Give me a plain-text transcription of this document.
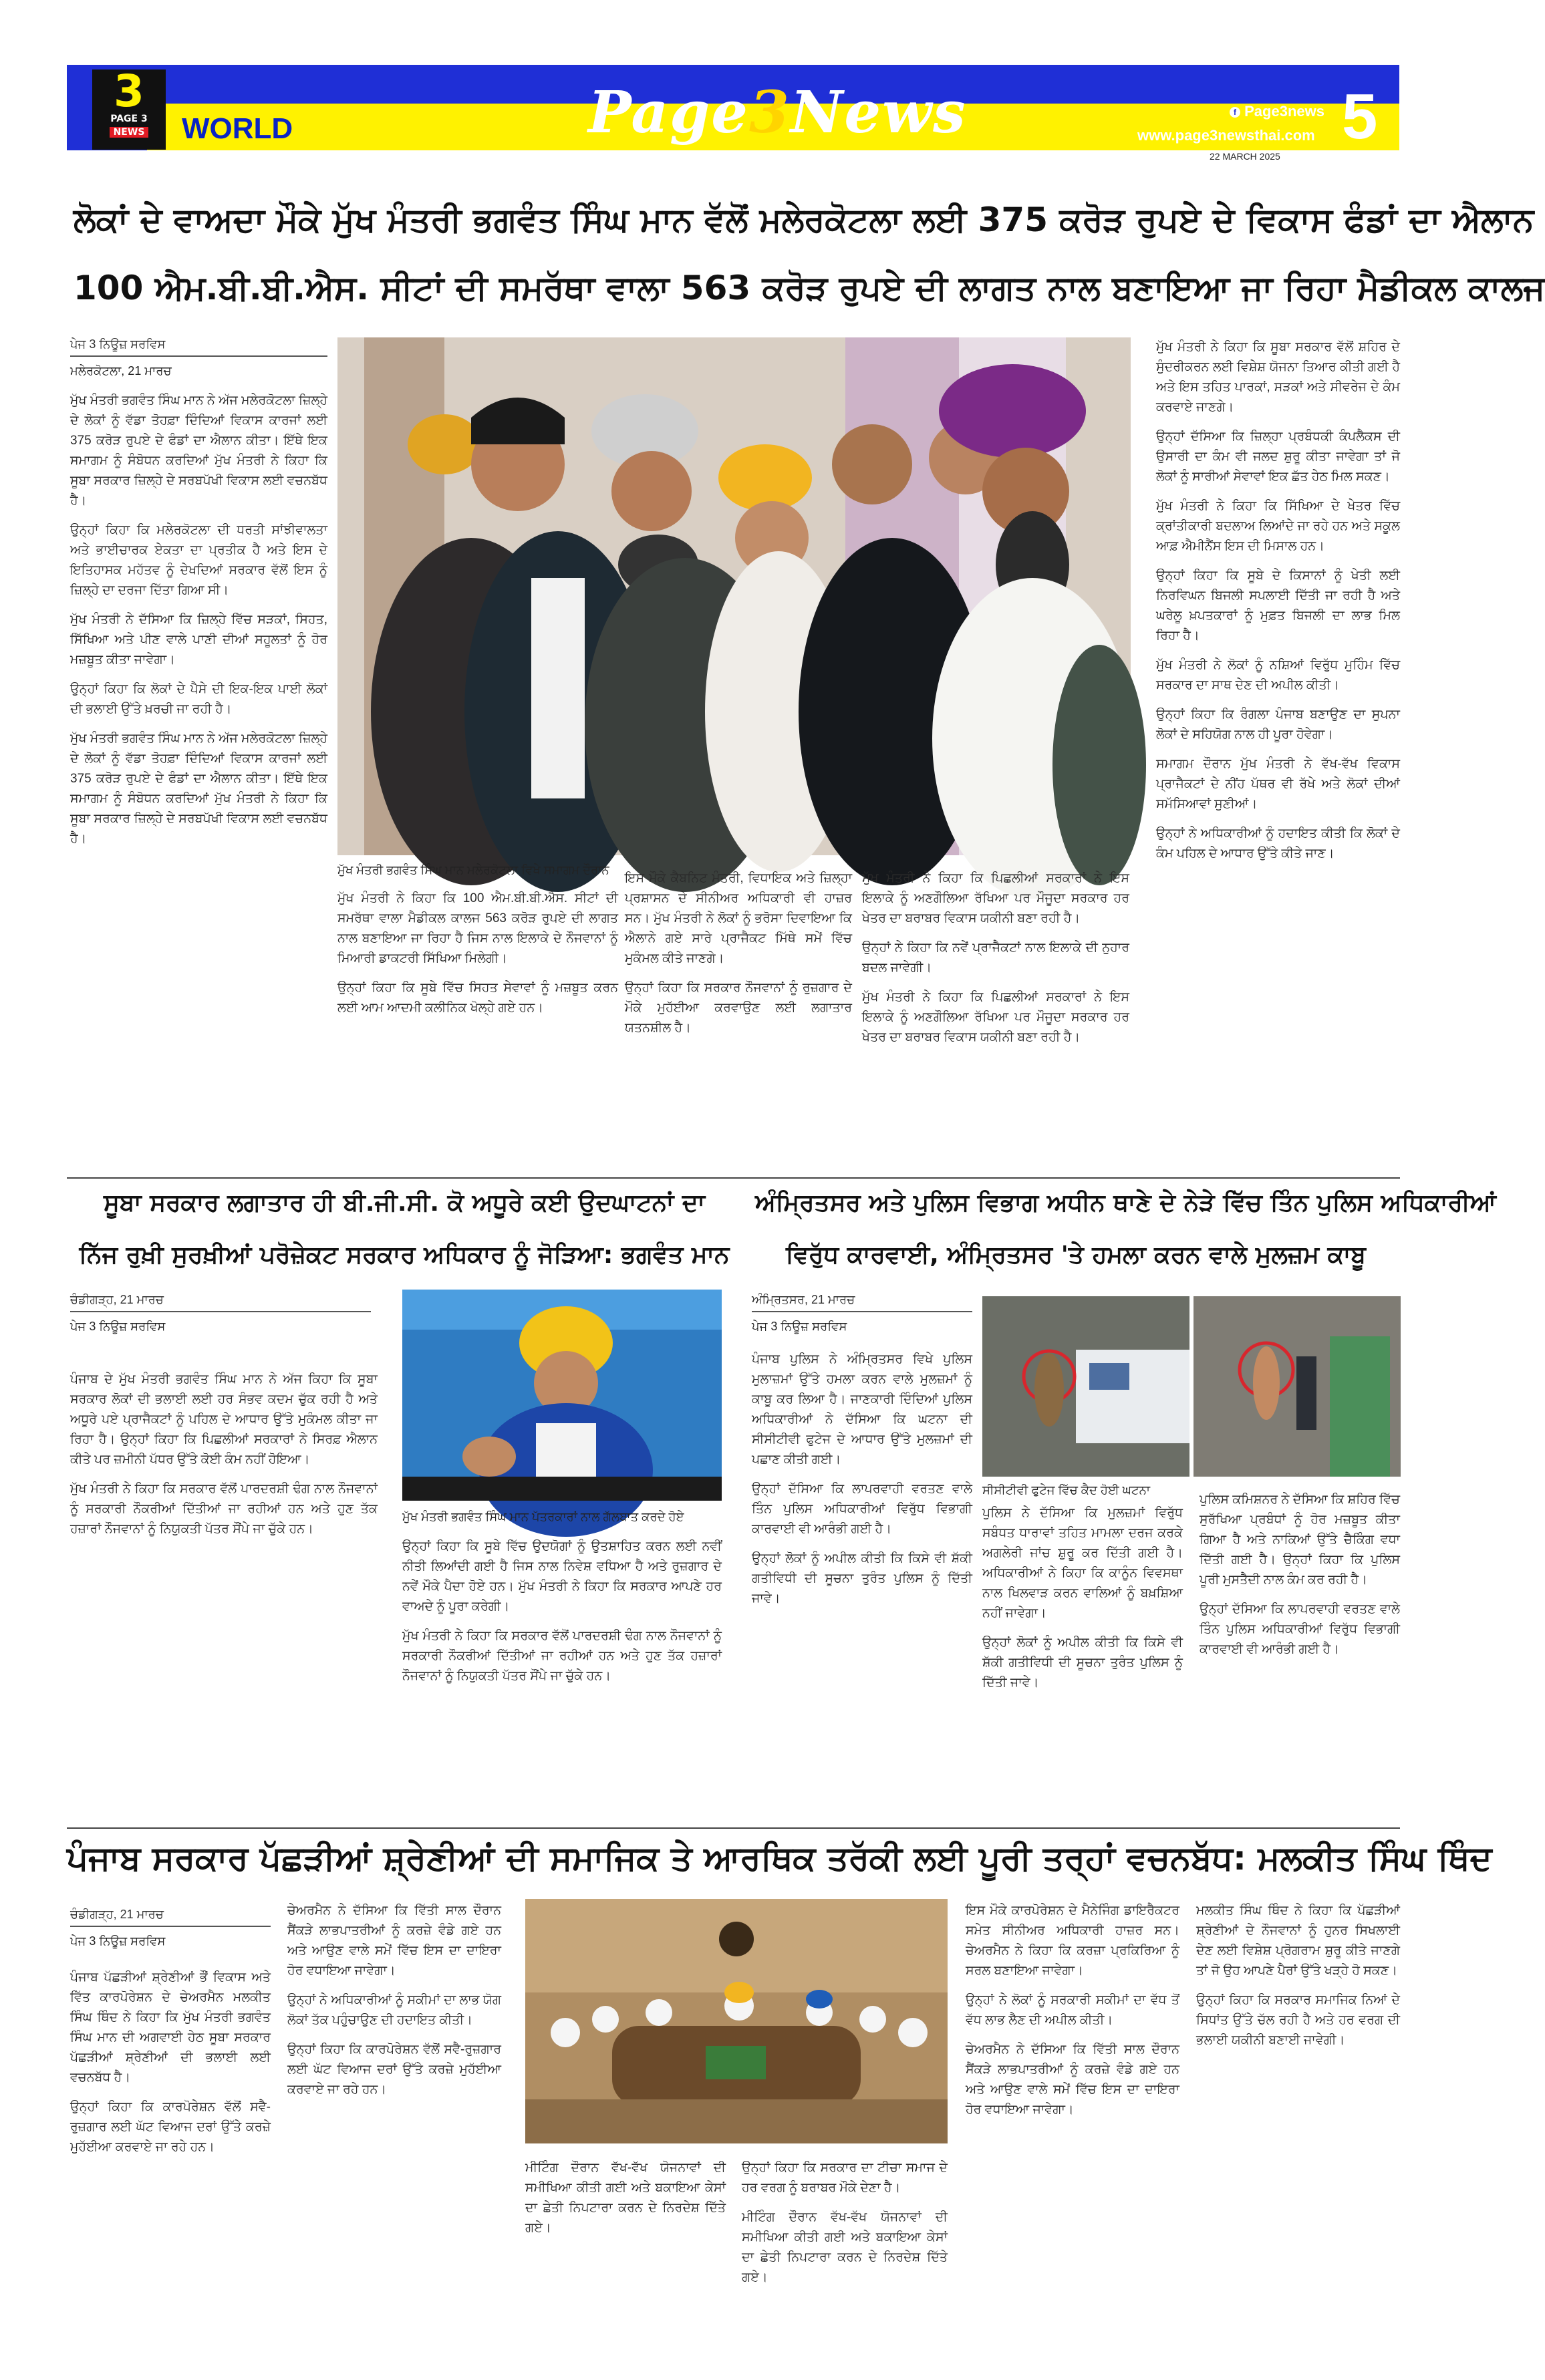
3
PAGE 3
NEWS	WORLD	Page3News	f Page3news
www.page3newsthai.com
22 MARCH 2025
5
ਲੋਕਾਂ ਦੇ ਵਾਅਦਾ ਮੌਕੇ ਮੁੱਖ ਮੰਤਰੀ ਭਗਵੰਤ ਸਿੰਘ ਮਾਨ ਵੱਲੋਂ ਮਲੇਰਕੋਟਲਾ ਲਈ 375 ਕਰੋੜ ਰੁਪਏ ਦੇ ਵਿਕਾਸ ਫੰਡਾਂ ਦਾ ਐਲਾਨ
100 ਐਮ.ਬੀ.ਬੀ.ਐਸ. ਸੀਟਾਂ ਦੀ ਸਮਰੱਥਾ ਵਾਲਾ 563 ਕਰੋੜ ਰੁਪਏ ਦੀ ਲਾਗਤ ਨਾਲ ਬਣਾਇਆ ਜਾ ਰਿਹਾ ਮੈਡੀਕਲ ਕਾਲਜ
ਪੇਜ 3 ਨਿਊਜ਼ ਸਰਵਿਸ
ਮਲੇਰਕੋਟਲਾ, 21 ਮਾਰਚ

ਮੁੱਖ ਮੰਤਰੀ ਭਗਵੰਤ ਸਿੰਘ ਮਾਨ ਨੇ ਅੱਜ ਮਲੇਰਕੋਟਲਾ ਜ਼ਿਲ੍ਹੇ ਦੇ ਲੋਕਾਂ ਨੂੰ ਵੱਡਾ ਤੋਹਫ਼ਾ ਦਿੰਦਿਆਂ ਵਿਕਾਸ ਕਾਰਜਾਂ ਲਈ 375 ਕਰੋੜ ਰੁਪਏ ਦੇ ਫੰਡਾਂ ਦਾ ਐਲਾਨ ਕੀਤਾ। ਇੱਥੇ ਇਕ ਸਮਾਗਮ ਨੂੰ ਸੰਬੋਧਨ ਕਰਦਿਆਂ ਮੁੱਖ ਮੰਤਰੀ ਨੇ ਕਿਹਾ ਕਿ ਸੂਬਾ ਸਰਕਾਰ ਜ਼ਿਲ੍ਹੇ ਦੇ ਸਰਬਪੱਖੀ ਵਿਕਾਸ ਲਈ ਵਚਨਬੱਧ ਹੈ।

ਉਨ੍ਹਾਂ ਕਿਹਾ ਕਿ ਮਲੇਰਕੋਟਲਾ ਦੀ ਧਰਤੀ ਸਾਂਝੀਵਾਲਤਾ ਅਤੇ ਭਾਈਚਾਰਕ ਏਕਤਾ ਦਾ ਪ੍ਰਤੀਕ ਹੈ ਅਤੇ ਇਸ ਦੇ ਇਤਿਹਾਸਕ ਮਹੱਤਵ ਨੂੰ ਦੇਖਦਿਆਂ ਸਰਕਾਰ ਵੱਲੋਂ ਇਸ ਨੂੰ ਜ਼ਿਲ੍ਹੇ ਦਾ ਦਰਜਾ ਦਿੱਤਾ ਗਿਆ ਸੀ।

ਮੁੱਖ ਮੰਤਰੀ ਨੇ ਦੱਸਿਆ ਕਿ ਜ਼ਿਲ੍ਹੇ ਵਿੱਚ ਸੜਕਾਂ, ਸਿਹਤ, ਸਿੱਖਿਆ ਅਤੇ ਪੀਣ ਵਾਲੇ ਪਾਣੀ ਦੀਆਂ ਸਹੂਲਤਾਂ ਨੂੰ ਹੋਰ ਮਜ਼ਬੂਤ ਕੀਤਾ ਜਾਵੇਗਾ।

ਉਨ੍ਹਾਂ ਕਿਹਾ ਕਿ ਲੋਕਾਂ ਦੇ ਪੈਸੇ ਦੀ ਇਕ-ਇਕ ਪਾਈ ਲੋਕਾਂ ਦੀ ਭਲਾਈ ਉੱਤੇ ਖ਼ਰਚੀ ਜਾ ਰਹੀ ਹੈ।

ਮੁੱਖ ਮੰਤਰੀ ਭਗਵੰਤ ਸਿੰਘ ਮਾਨ ਨੇ ਅੱਜ ਮਲੇਰਕੋਟਲਾ ਜ਼ਿਲ੍ਹੇ ਦੇ ਲੋਕਾਂ ਨੂੰ ਵੱਡਾ ਤੋਹਫ਼ਾ ਦਿੰਦਿਆਂ ਵਿਕਾਸ ਕਾਰਜਾਂ ਲਈ 375 ਕਰੋੜ ਰੁਪਏ ਦੇ ਫੰਡਾਂ ਦਾ ਐਲਾਨ ਕੀਤਾ। ਇੱਥੇ ਇਕ ਸਮਾਗਮ ਨੂੰ ਸੰਬੋਧਨ ਕਰਦਿਆਂ ਮੁੱਖ ਮੰਤਰੀ ਨੇ ਕਿਹਾ ਕਿ ਸੂਬਾ ਸਰਕਾਰ ਜ਼ਿਲ੍ਹੇ ਦੇ ਸਰਬਪੱਖੀ ਵਿਕਾਸ ਲਈ ਵਚਨਬੱਧ ਹੈ।

ਮੁੱਖ ਮੰਤਰੀ ਭਗਵੰਤ ਸਿੰਘ ਮਾਨ ਮਲੇਰਕੋਟਲਾ ਵਿਖੇ ਸਮਾਗਮ ਦੌਰਾਨ

ਮੁੱਖ ਮੰਤਰੀ ਨੇ ਕਿਹਾ ਕਿ 100 ਐਮ.ਬੀ.ਬੀ.ਐਸ. ਸੀਟਾਂ ਦੀ ਸਮਰੱਥਾ ਵਾਲਾ ਮੈਡੀਕਲ ਕਾਲਜ 563 ਕਰੋੜ ਰੁਪਏ ਦੀ ਲਾਗਤ ਨਾਲ ਬਣਾਇਆ ਜਾ ਰਿਹਾ ਹੈ ਜਿਸ ਨਾਲ ਇਲਾਕੇ ਦੇ ਨੌਜਵਾਨਾਂ ਨੂੰ ਮਿਆਰੀ ਡਾਕਟਰੀ ਸਿੱਖਿਆ ਮਿਲੇਗੀ।

ਉਨ੍ਹਾਂ ਕਿਹਾ ਕਿ ਸੂਬੇ ਵਿੱਚ ਸਿਹਤ ਸੇਵਾਵਾਂ ਨੂੰ ਮਜ਼ਬੂਤ ਕਰਨ ਲਈ ਆਮ ਆਦਮੀ ਕਲੀਨਿਕ ਖੋਲ੍ਹੇ ਗਏ ਹਨ।

ਇਸ ਮੌਕੇ ਕੈਬਨਿਟ ਮੰਤਰੀ, ਵਿਧਾਇਕ ਅਤੇ ਜ਼ਿਲ੍ਹਾ ਪ੍ਰਸ਼ਾਸਨ ਦੇ ਸੀਨੀਅਰ ਅਧਿਕਾਰੀ ਵੀ ਹਾਜ਼ਰ ਸਨ। ਮੁੱਖ ਮੰਤਰੀ ਨੇ ਲੋਕਾਂ ਨੂੰ ਭਰੋਸਾ ਦਿਵਾਇਆ ਕਿ ਐਲਾਨੇ ਗਏ ਸਾਰੇ ਪ੍ਰਾਜੈਕਟ ਮਿੱਥੇ ਸਮੇਂ ਵਿੱਚ ਮੁਕੰਮਲ ਕੀਤੇ ਜਾਣਗੇ।

ਉਨ੍ਹਾਂ ਕਿਹਾ ਕਿ ਸਰਕਾਰ ਨੌਜਵਾਨਾਂ ਨੂੰ ਰੁਜ਼ਗਾਰ ਦੇ ਮੌਕੇ ਮੁਹੱਈਆ ਕਰਵਾਉਣ ਲਈ ਲਗਾਤਾਰ ਯਤਨਸ਼ੀਲ ਹੈ।

ਮੁੱਖ ਮੰਤਰੀ ਨੇ ਕਿਹਾ ਕਿ ਪਿਛਲੀਆਂ ਸਰਕਾਰਾਂ ਨੇ ਇਸ ਇਲਾਕੇ ਨੂੰ ਅਣਗੌਲਿਆ ਰੱਖਿਆ ਪਰ ਮੌਜੂਦਾ ਸਰਕਾਰ ਹਰ ਖੇਤਰ ਦਾ ਬਰਾਬਰ ਵਿਕਾਸ ਯਕੀਨੀ ਬਣਾ ਰਹੀ ਹੈ।

ਉਨ੍ਹਾਂ ਨੇ ਕਿਹਾ ਕਿ ਨਵੇਂ ਪ੍ਰਾਜੈਕਟਾਂ ਨਾਲ ਇਲਾਕੇ ਦੀ ਨੁਹਾਰ ਬਦਲ ਜਾਵੇਗੀ।

ਮੁੱਖ ਮੰਤਰੀ ਨੇ ਕਿਹਾ ਕਿ ਪਿਛਲੀਆਂ ਸਰਕਾਰਾਂ ਨੇ ਇਸ ਇਲਾਕੇ ਨੂੰ ਅਣਗੌਲਿਆ ਰੱਖਿਆ ਪਰ ਮੌਜੂਦਾ ਸਰਕਾਰ ਹਰ ਖੇਤਰ ਦਾ ਬਰਾਬਰ ਵਿਕਾਸ ਯਕੀਨੀ ਬਣਾ ਰਹੀ ਹੈ।

ਮੁੱਖ ਮੰਤਰੀ ਨੇ ਕਿਹਾ ਕਿ ਸੂਬਾ ਸਰਕਾਰ ਵੱਲੋਂ ਸ਼ਹਿਰ ਦੇ ਸੁੰਦਰੀਕਰਨ ਲਈ ਵਿਸ਼ੇਸ਼ ਯੋਜਨਾ ਤਿਆਰ ਕੀਤੀ ਗਈ ਹੈ ਅਤੇ ਇਸ ਤਹਿਤ ਪਾਰਕਾਂ, ਸੜਕਾਂ ਅਤੇ ਸੀਵਰੇਜ ਦੇ ਕੰਮ ਕਰਵਾਏ ਜਾਣਗੇ।

ਉਨ੍ਹਾਂ ਦੱਸਿਆ ਕਿ ਜ਼ਿਲ੍ਹਾ ਪ੍ਰਬੰਧਕੀ ਕੰਪਲੈਕਸ ਦੀ ਉਸਾਰੀ ਦਾ ਕੰਮ ਵੀ ਜਲਦ ਸ਼ੁਰੂ ਕੀਤਾ ਜਾਵੇਗਾ ਤਾਂ ਜੋ ਲੋਕਾਂ ਨੂੰ ਸਾਰੀਆਂ ਸੇਵਾਵਾਂ ਇਕ ਛੱਤ ਹੇਠ ਮਿਲ ਸਕਣ।

ਮੁੱਖ ਮੰਤਰੀ ਨੇ ਕਿਹਾ ਕਿ ਸਿੱਖਿਆ ਦੇ ਖੇਤਰ ਵਿੱਚ ਕ੍ਰਾਂਤੀਕਾਰੀ ਬਦਲਾਅ ਲਿਆਂਦੇ ਜਾ ਰਹੇ ਹਨ ਅਤੇ ਸਕੂਲ ਆਫ਼ ਐਮੀਨੈਂਸ ਇਸ ਦੀ ਮਿਸਾਲ ਹਨ।

ਉਨ੍ਹਾਂ ਕਿਹਾ ਕਿ ਸੂਬੇ ਦੇ ਕਿਸਾਨਾਂ ਨੂੰ ਖੇਤੀ ਲਈ ਨਿਰਵਿਘਨ ਬਿਜਲੀ ਸਪਲਾਈ ਦਿੱਤੀ ਜਾ ਰਹੀ ਹੈ ਅਤੇ ਘਰੇਲੂ ਖ਼ਪਤਕਾਰਾਂ ਨੂੰ ਮੁਫ਼ਤ ਬਿਜਲੀ ਦਾ ਲਾਭ ਮਿਲ ਰਿਹਾ ਹੈ।

ਮੁੱਖ ਮੰਤਰੀ ਨੇ ਲੋਕਾਂ ਨੂੰ ਨਸ਼ਿਆਂ ਵਿਰੁੱਧ ਮੁਹਿੰਮ ਵਿੱਚ ਸਰਕਾਰ ਦਾ ਸਾਥ ਦੇਣ ਦੀ ਅਪੀਲ ਕੀਤੀ।

ਉਨ੍ਹਾਂ ਕਿਹਾ ਕਿ ਰੰਗਲਾ ਪੰਜਾਬ ਬਣਾਉਣ ਦਾ ਸੁਪਨਾ ਲੋਕਾਂ ਦੇ ਸਹਿਯੋਗ ਨਾਲ ਹੀ ਪੂਰਾ ਹੋਵੇਗਾ।

ਸਮਾਗਮ ਦੌਰਾਨ ਮੁੱਖ ਮੰਤਰੀ ਨੇ ਵੱਖ-ਵੱਖ ਵਿਕਾਸ ਪ੍ਰਾਜੈਕਟਾਂ ਦੇ ਨੀਂਹ ਪੱਥਰ ਵੀ ਰੱਖੇ ਅਤੇ ਲੋਕਾਂ ਦੀਆਂ ਸਮੱਸਿਆਵਾਂ ਸੁਣੀਆਂ।

ਉਨ੍ਹਾਂ ਨੇ ਅਧਿਕਾਰੀਆਂ ਨੂੰ ਹਦਾਇਤ ਕੀਤੀ ਕਿ ਲੋਕਾਂ ਦੇ ਕੰਮ ਪਹਿਲ ਦੇ ਆਧਾਰ ਉੱਤੇ ਕੀਤੇ ਜਾਣ।

ਸੂਬਾ ਸਰਕਾਰ ਲਗਾਤਾਰ ਹੀ ਬੀ.ਜੀ.ਸੀ. ਕੋ ਅਧੂਰੇ ਕਈ ਉਦਘਾਟਨਾਂ ਦਾ
ਨਿੱਜ ਰੁਖ਼ੀ ਸੁਰਖ਼ੀਆਂ ਪਰੋਜ਼ੇਕਟ ਸਰਕਾਰ ਅਧਿਕਾਰ ਨੂੰ ਜੋੜਿਆ: ਭਗਵੰਤ ਮਾਨ
ਚੰਡੀਗੜ੍ਹ, 21 ਮਾਰਚ
ਪੇਜ 3 ਨਿਊਜ਼ ਸਰਵਿਸ

ਪੰਜਾਬ ਦੇ ਮੁੱਖ ਮੰਤਰੀ ਭਗਵੰਤ ਸਿੰਘ ਮਾਨ ਨੇ ਅੱਜ ਕਿਹਾ ਕਿ ਸੂਬਾ ਸਰਕਾਰ ਲੋਕਾਂ ਦੀ ਭਲਾਈ ਲਈ ਹਰ ਸੰਭਵ ਕਦਮ ਚੁੱਕ ਰਹੀ ਹੈ ਅਤੇ ਅਧੂਰੇ ਪਏ ਪ੍ਰਾਜੈਕਟਾਂ ਨੂੰ ਪਹਿਲ ਦੇ ਆਧਾਰ ਉੱਤੇ ਮੁਕੰਮਲ ਕੀਤਾ ਜਾ ਰਿਹਾ ਹੈ। ਉਨ੍ਹਾਂ ਕਿਹਾ ਕਿ ਪਿਛਲੀਆਂ ਸਰਕਾਰਾਂ ਨੇ ਸਿਰਫ਼ ਐਲਾਨ ਕੀਤੇ ਪਰ ਜ਼ਮੀਨੀ ਪੱਧਰ ਉੱਤੇ ਕੋਈ ਕੰਮ ਨਹੀਂ ਹੋਇਆ।

ਮੁੱਖ ਮੰਤਰੀ ਨੇ ਕਿਹਾ ਕਿ ਸਰਕਾਰ ਵੱਲੋਂ ਪਾਰਦਰਸ਼ੀ ਢੰਗ ਨਾਲ ਨੌਜਵਾਨਾਂ ਨੂੰ ਸਰਕਾਰੀ ਨੌਕਰੀਆਂ ਦਿੱਤੀਆਂ ਜਾ ਰਹੀਆਂ ਹਨ ਅਤੇ ਹੁਣ ਤੱਕ ਹਜ਼ਾਰਾਂ ਨੌਜਵਾਨਾਂ ਨੂੰ ਨਿਯੁਕਤੀ ਪੱਤਰ ਸੌਂਪੇ ਜਾ ਚੁੱਕੇ ਹਨ।

ਮੁੱਖ ਮੰਤਰੀ ਭਗਵੰਤ ਸਿੰਘ ਮਾਨ ਪੱਤਰਕਾਰਾਂ ਨਾਲ ਗੱਲਬਾਤ ਕਰਦੇ ਹੋਏ

ਉਨ੍ਹਾਂ ਕਿਹਾ ਕਿ ਸੂਬੇ ਵਿੱਚ ਉਦਯੋਗਾਂ ਨੂੰ ਉਤਸ਼ਾਹਿਤ ਕਰਨ ਲਈ ਨਵੀਂ ਨੀਤੀ ਲਿਆਂਦੀ ਗਈ ਹੈ ਜਿਸ ਨਾਲ ਨਿਵੇਸ਼ ਵਧਿਆ ਹੈ ਅਤੇ ਰੁਜ਼ਗਾਰ ਦੇ ਨਵੇਂ ਮੌਕੇ ਪੈਦਾ ਹੋਏ ਹਨ। ਮੁੱਖ ਮੰਤਰੀ ਨੇ ਕਿਹਾ ਕਿ ਸਰਕਾਰ ਆਪਣੇ ਹਰ ਵਾਅਦੇ ਨੂੰ ਪੂਰਾ ਕਰੇਗੀ।

ਮੁੱਖ ਮੰਤਰੀ ਨੇ ਕਿਹਾ ਕਿ ਸਰਕਾਰ ਵੱਲੋਂ ਪਾਰਦਰਸ਼ੀ ਢੰਗ ਨਾਲ ਨੌਜਵਾਨਾਂ ਨੂੰ ਸਰਕਾਰੀ ਨੌਕਰੀਆਂ ਦਿੱਤੀਆਂ ਜਾ ਰਹੀਆਂ ਹਨ ਅਤੇ ਹੁਣ ਤੱਕ ਹਜ਼ਾਰਾਂ ਨੌਜਵਾਨਾਂ ਨੂੰ ਨਿਯੁਕਤੀ ਪੱਤਰ ਸੌਂਪੇ ਜਾ ਚੁੱਕੇ ਹਨ।

ਅੰਮ੍ਰਿਤਸਰ ਅਤੇ ਪੁਲਿਸ ਵਿਭਾਗ ਅਧੀਨ ਥਾਣੇ ਦੇ ਨੇੜੇ ਵਿੱਚ ਤਿੰਨ ਪੁਲਿਸ ਅਧਿਕਾਰੀਆਂ
ਵਿਰੁੱਧ ਕਾਰਵਾਈ, ਅੰਮ੍ਰਿਤਸਰ 'ਤੇ ਹਮਲਾ ਕਰਨ ਵਾਲੇ ਮੁਲਜ਼ਮ ਕਾਬੂ
ਅੰਮ੍ਰਿਤਸਰ, 21 ਮਾਰਚ
ਪੇਜ 3 ਨਿਊਜ਼ ਸਰਵਿਸ

ਪੰਜਾਬ ਪੁਲਿਸ ਨੇ ਅੰਮ੍ਰਿਤਸਰ ਵਿਖੇ ਪੁਲਿਸ ਮੁਲਾਜ਼ਮਾਂ ਉੱਤੇ ਹਮਲਾ ਕਰਨ ਵਾਲੇ ਮੁਲਜ਼ਮਾਂ ਨੂੰ ਕਾਬੂ ਕਰ ਲਿਆ ਹੈ। ਜਾਣਕਾਰੀ ਦਿੰਦਿਆਂ ਪੁਲਿਸ ਅਧਿਕਾਰੀਆਂ ਨੇ ਦੱਸਿਆ ਕਿ ਘਟਨਾ ਦੀ ਸੀਸੀਟੀਵੀ ਫੁਟੇਜ ਦੇ ਆਧਾਰ ਉੱਤੇ ਮੁਲਜ਼ਮਾਂ ਦੀ ਪਛਾਣ ਕੀਤੀ ਗਈ।

ਉਨ੍ਹਾਂ ਦੱਸਿਆ ਕਿ ਲਾਪਰਵਾਹੀ ਵਰਤਣ ਵਾਲੇ ਤਿੰਨ ਪੁਲਿਸ ਅਧਿਕਾਰੀਆਂ ਵਿਰੁੱਧ ਵਿਭਾਗੀ ਕਾਰਵਾਈ ਵੀ ਆਰੰਭੀ ਗਈ ਹੈ।

ਉਨ੍ਹਾਂ ਲੋਕਾਂ ਨੂੰ ਅਪੀਲ ਕੀਤੀ ਕਿ ਕਿਸੇ ਵੀ ਸ਼ੱਕੀ ਗਤੀਵਿਧੀ ਦੀ ਸੂਚਨਾ ਤੁਰੰਤ ਪੁਲਿਸ ਨੂੰ ਦਿੱਤੀ ਜਾਵੇ।

ਸੀਸੀਟੀਵੀ ਫੁਟੇਜ ਵਿੱਚ ਕੈਦ ਹੋਈ ਘਟਨਾ

ਪੁਲਿਸ ਨੇ ਦੱਸਿਆ ਕਿ ਮੁਲਜ਼ਮਾਂ ਵਿਰੁੱਧ ਸਬੰਧਤ ਧਾਰਾਵਾਂ ਤਹਿਤ ਮਾਮਲਾ ਦਰਜ ਕਰਕੇ ਅਗਲੇਰੀ ਜਾਂਚ ਸ਼ੁਰੂ ਕਰ ਦਿੱਤੀ ਗਈ ਹੈ। ਅਧਿਕਾਰੀਆਂ ਨੇ ਕਿਹਾ ਕਿ ਕਾਨੂੰਨ ਵਿਵਸਥਾ ਨਾਲ ਖਿਲਵਾੜ ਕਰਨ ਵਾਲਿਆਂ ਨੂੰ ਬਖ਼ਸ਼ਿਆ ਨਹੀਂ ਜਾਵੇਗਾ।

ਉਨ੍ਹਾਂ ਲੋਕਾਂ ਨੂੰ ਅਪੀਲ ਕੀਤੀ ਕਿ ਕਿਸੇ ਵੀ ਸ਼ੱਕੀ ਗਤੀਵਿਧੀ ਦੀ ਸੂਚਨਾ ਤੁਰੰਤ ਪੁਲਿਸ ਨੂੰ ਦਿੱਤੀ ਜਾਵੇ।

ਪੁਲਿਸ ਕਮਿਸ਼ਨਰ ਨੇ ਦੱਸਿਆ ਕਿ ਸ਼ਹਿਰ ਵਿੱਚ ਸੁਰੱਖਿਆ ਪ੍ਰਬੰਧਾਂ ਨੂੰ ਹੋਰ ਮਜ਼ਬੂਤ ਕੀਤਾ ਗਿਆ ਹੈ ਅਤੇ ਨਾਕਿਆਂ ਉੱਤੇ ਚੈਕਿੰਗ ਵਧਾ ਦਿੱਤੀ ਗਈ ਹੈ। ਉਨ੍ਹਾਂ ਕਿਹਾ ਕਿ ਪੁਲਿਸ ਪੂਰੀ ਮੁਸਤੈਦੀ ਨਾਲ ਕੰਮ ਕਰ ਰਹੀ ਹੈ।

ਉਨ੍ਹਾਂ ਦੱਸਿਆ ਕਿ ਲਾਪਰਵਾਹੀ ਵਰਤਣ ਵਾਲੇ ਤਿੰਨ ਪੁਲਿਸ ਅਧਿਕਾਰੀਆਂ ਵਿਰੁੱਧ ਵਿਭਾਗੀ ਕਾਰਵਾਈ ਵੀ ਆਰੰਭੀ ਗਈ ਹੈ।

ਪੰਜਾਬ ਸਰਕਾਰ ਪੱਛੜੀਆਂ ਸ਼੍ਰੇਣੀਆਂ ਦੀ ਸਮਾਜਿਕ ਤੇ ਆਰਥਿਕ ਤਰੱਕੀ ਲਈ ਪੂਰੀ ਤਰ੍ਹਾਂ ਵਚਨਬੱਧ: ਮਲਕੀਤ ਸਿੰਘ ਥਿੰਦ
ਚੰਡੀਗੜ੍ਹ, 21 ਮਾਰਚ
ਪੇਜ 3 ਨਿਊਜ਼ ਸਰਵਿਸ

ਪੰਜਾਬ ਪੱਛੜੀਆਂ ਸ਼੍ਰੇਣੀਆਂ ਭੌਂ ਵਿਕਾਸ ਅਤੇ ਵਿੱਤ ਕਾਰਪੋਰੇਸ਼ਨ ਦੇ ਚੇਅਰਮੈਨ ਮਲਕੀਤ ਸਿੰਘ ਥਿੰਦ ਨੇ ਕਿਹਾ ਕਿ ਮੁੱਖ ਮੰਤਰੀ ਭਗਵੰਤ ਸਿੰਘ ਮਾਨ ਦੀ ਅਗਵਾਈ ਹੇਠ ਸੂਬਾ ਸਰਕਾਰ ਪੱਛੜੀਆਂ ਸ਼੍ਰੇਣੀਆਂ ਦੀ ਭਲਾਈ ਲਈ ਵਚਨਬੱਧ ਹੈ।

ਉਨ੍ਹਾਂ ਕਿਹਾ ਕਿ ਕਾਰਪੋਰੇਸ਼ਨ ਵੱਲੋਂ ਸਵੈ-ਰੁਜ਼ਗਾਰ ਲਈ ਘੱਟ ਵਿਆਜ ਦਰਾਂ ਉੱਤੇ ਕਰਜ਼ੇ ਮੁਹੱਈਆ ਕਰਵਾਏ ਜਾ ਰਹੇ ਹਨ।

ਚੇਅਰਮੈਨ ਨੇ ਦੱਸਿਆ ਕਿ ਵਿੱਤੀ ਸਾਲ ਦੌਰਾਨ ਸੈਂਕੜੇ ਲਾਭਪਾਤਰੀਆਂ ਨੂੰ ਕਰਜ਼ੇ ਵੰਡੇ ਗਏ ਹਨ ਅਤੇ ਆਉਣ ਵਾਲੇ ਸਮੇਂ ਵਿੱਚ ਇਸ ਦਾ ਦਾਇਰਾ ਹੋਰ ਵਧਾਇਆ ਜਾਵੇਗਾ।

ਉਨ੍ਹਾਂ ਨੇ ਅਧਿਕਾਰੀਆਂ ਨੂੰ ਸਕੀਮਾਂ ਦਾ ਲਾਭ ਯੋਗ ਲੋਕਾਂ ਤੱਕ ਪਹੁੰਚਾਉਣ ਦੀ ਹਦਾਇਤ ਕੀਤੀ।

ਉਨ੍ਹਾਂ ਕਿਹਾ ਕਿ ਕਾਰਪੋਰੇਸ਼ਨ ਵੱਲੋਂ ਸਵੈ-ਰੁਜ਼ਗਾਰ ਲਈ ਘੱਟ ਵਿਆਜ ਦਰਾਂ ਉੱਤੇ ਕਰਜ਼ੇ ਮੁਹੱਈਆ ਕਰਵਾਏ ਜਾ ਰਹੇ ਹਨ।

ਮੀਟਿੰਗ ਦੌਰਾਨ ਵੱਖ-ਵੱਖ ਯੋਜਨਾਵਾਂ ਦੀ ਸਮੀਖਿਆ ਕੀਤੀ ਗਈ ਅਤੇ ਬਕਾਇਆ ਕੇਸਾਂ ਦਾ ਛੇਤੀ ਨਿਪਟਾਰਾ ਕਰਨ ਦੇ ਨਿਰਦੇਸ਼ ਦਿੱਤੇ ਗਏ।

ਉਨ੍ਹਾਂ ਕਿਹਾ ਕਿ ਸਰਕਾਰ ਦਾ ਟੀਚਾ ਸਮਾਜ ਦੇ ਹਰ ਵਰਗ ਨੂੰ ਬਰਾਬਰ ਮੌਕੇ ਦੇਣਾ ਹੈ।

ਮੀਟਿੰਗ ਦੌਰਾਨ ਵੱਖ-ਵੱਖ ਯੋਜਨਾਵਾਂ ਦੀ ਸਮੀਖਿਆ ਕੀਤੀ ਗਈ ਅਤੇ ਬਕਾਇਆ ਕੇਸਾਂ ਦਾ ਛੇਤੀ ਨਿਪਟਾਰਾ ਕਰਨ ਦੇ ਨਿਰਦੇਸ਼ ਦਿੱਤੇ ਗਏ।

ਇਸ ਮੌਕੇ ਕਾਰਪੋਰੇਸ਼ਨ ਦੇ ਮੈਨੇਜਿੰਗ ਡਾਇਰੈਕਟਰ ਸਮੇਤ ਸੀਨੀਅਰ ਅਧਿਕਾਰੀ ਹਾਜ਼ਰ ਸਨ। ਚੇਅਰਮੈਨ ਨੇ ਕਿਹਾ ਕਿ ਕਰਜ਼ਾ ਪ੍ਰਕਿਰਿਆ ਨੂੰ ਸਰਲ ਬਣਾਇਆ ਜਾਵੇਗਾ।

ਉਨ੍ਹਾਂ ਨੇ ਲੋਕਾਂ ਨੂੰ ਸਰਕਾਰੀ ਸਕੀਮਾਂ ਦਾ ਵੱਧ ਤੋਂ ਵੱਧ ਲਾਭ ਲੈਣ ਦੀ ਅਪੀਲ ਕੀਤੀ।

ਚੇਅਰਮੈਨ ਨੇ ਦੱਸਿਆ ਕਿ ਵਿੱਤੀ ਸਾਲ ਦੌਰਾਨ ਸੈਂਕੜੇ ਲਾਭਪਾਤਰੀਆਂ ਨੂੰ ਕਰਜ਼ੇ ਵੰਡੇ ਗਏ ਹਨ ਅਤੇ ਆਉਣ ਵਾਲੇ ਸਮੇਂ ਵਿੱਚ ਇਸ ਦਾ ਦਾਇਰਾ ਹੋਰ ਵਧਾਇਆ ਜਾਵੇਗਾ।

ਮਲਕੀਤ ਸਿੰਘ ਥਿੰਦ ਨੇ ਕਿਹਾ ਕਿ ਪੱਛੜੀਆਂ ਸ਼੍ਰੇਣੀਆਂ ਦੇ ਨੌਜਵਾਨਾਂ ਨੂੰ ਹੁਨਰ ਸਿਖਲਾਈ ਦੇਣ ਲਈ ਵਿਸ਼ੇਸ਼ ਪ੍ਰੋਗਰਾਮ ਸ਼ੁਰੂ ਕੀਤੇ ਜਾਣਗੇ ਤਾਂ ਜੋ ਉਹ ਆਪਣੇ ਪੈਰਾਂ ਉੱਤੇ ਖੜ੍ਹੇ ਹੋ ਸਕਣ।

ਉਨ੍ਹਾਂ ਕਿਹਾ ਕਿ ਸਰਕਾਰ ਸਮਾਜਿਕ ਨਿਆਂ ਦੇ ਸਿਧਾਂਤ ਉੱਤੇ ਚੱਲ ਰਹੀ ਹੈ ਅਤੇ ਹਰ ਵਰਗ ਦੀ ਭਲਾਈ ਯਕੀਨੀ ਬਣਾਈ ਜਾਵੇਗੀ।
